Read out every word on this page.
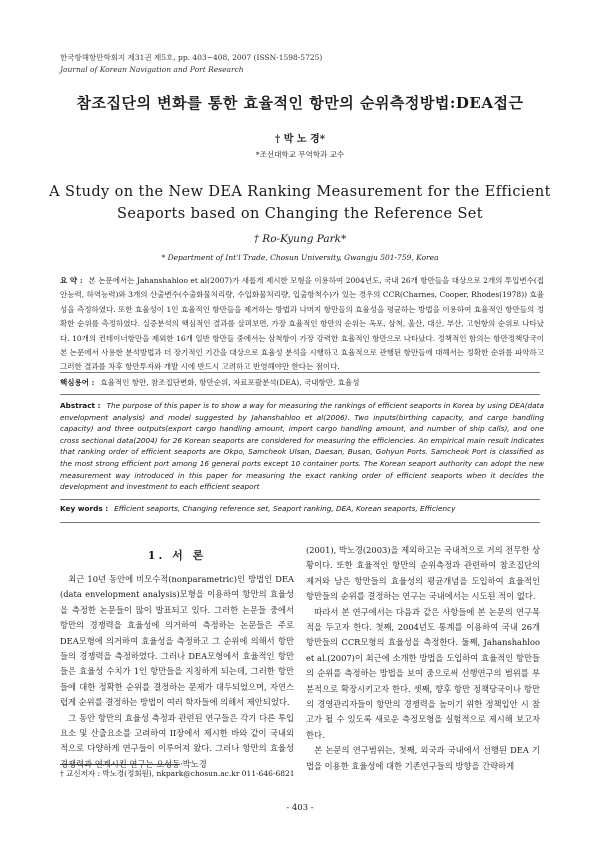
한국항해항만학회지 제31권 제5호, pp. 403~408, 2007 (ISSN-1598-5725)
Journal of Korean Navigation and Port Research
참조집단의 변화를 통한 효율적인 항만의 순위측정방법:DEA접근
† 박 노 경*
*조선대학교 무역학과 교수
A Study on the New DEA Ranking Measurement for the Efficient
Seaports based on Changing the Reference Set
† Ro-Kyung Park*
* Department of Int'l Trade, Chosun University, Gwangju 501-759, Korea
요 약 : 본 논문에서는 Jahanshahloo et al(2007)가 새롭게 제시한 모형을 이용하여 2004년도, 국내 26개 항만들을 대상으로 2개의 투입변수(접안능력, 하역능력)와 3개의 산출변수(수출화물처리량, 수입화물처리량, 입출항척수)가 있는 경우의 CCR(Charnes, Cooper, Rhodes(1978)) 효율성을 측정하였다. 또한 효율성이 1인 효율적인 항만들을 제거하는 방법과 나머지 항만들의 효율성을 평균하는 방법을 이용하여 효율적인 항만들의 정확한 순위를 측정하였다. 실증분석의 핵심적인 결과를 살펴보면, 가장 효율적인 항만의 순위는 옥포, 삼척, 울산, 대산, 부산, 고현항의 순위로 나타났다. 10개의 컨테이너항만을 제외한 16개 일반 항만들 중에서는 삼척항이 가장 강력한 효율적인 항만으로 나타났다. 정책적인 함의는 항만정책당국이 본 논문에서 사용한 분석방법과 더 장기적인 기간을 대상으로 효율성 분석을 시행하고 효율적으로 관행된 항만들에 대해서는 정확한 순위를 파악하고 그러한 결과를 차후 항만투자와 개발 시에 반드시 고려하고 반영해야만 한다는 점이다.
핵심용어 : 효율적인 항만, 참조집단변화, 항만순위, 자료포괄분석(DEA), 국내항만, 효율성
Abstract : The purpose of this paper is to show a way for measuring the rankings of efficient seaports in Korea by using DEA(data envelopment analysis) and model suggested by Jahanshahloo et al(2006). Two inputs(birthing capacity, and cargo handling capacity) and three outputs(export cargo handling amount, import cargo handling amount, and number of ship calls), and one cross sectional data(2004) for 26 Korean seaports are considered for measuring the efficiencies. An empirical main result indicates that ranking order of efficient seaports are Okpo, Samcheok Ulsan, Daesan, Busan, Gohyun Ports. Samcheok Port is classified as the most strong efficient port among 16 general ports except 10 container ports. The Korean seaport authority can adopt the new measurement way introduced in this paper for measuring the exact ranking order of efficient seaports when it decides the development and investment to each efficient seaport
Key words : Efficient seaports, Changing reference set, Seaport ranking, DEA, Korean seaports, Efficiency
1. 서 론

최근 10년 동안에 비모수적(nonparametric)인 방법인 DEA (data envelopment analysis)모형을 이용하여 항만의 효율성을 측정한 논문들이 많이 발표되고 있다. 그러한 논문들 중에서 항만의 경쟁력을 효율성에 의거하여 측정하는 논문들은 주로 DEA모형에 의거하여 효율성을 측정하고 그 순위에 의해서 항만들의 경쟁력을 측정하였다. 그러나 DEA모형에서 효율적인 항만들은 효율성 수치가 1인 항만들을 지칭하게 되는데, 그러한 항만들에 대한 정확한 순위를 결정하는 문제가 대두되었으며, 자연스럽게 순위를 결정하는 방법이 여러 학자들에 의해서 제안되었다.

그 동안 항만의 효율성 측정과 관련된 연구들은 각기 다른 투입요소 및 산출요소를 고려하여 II장에서 제시한 바와 같이 국내외적으로 다양하게 연구들이 이루어져 왔다. 그러나 항만의 효율성 경쟁력과 연계시킨 연구는 오성동·박노경

(2001), 박노경(2003)을 제외하고는 국내적으로 거의 전무한 상황이다. 또한 효율적인 항만의 순위측정과 관련하여 참조집단의 제거와 남은 항만들의 효율성의 평균개념을 도입하여 효율적인 항만들의 순위를 결정하는 연구는 국내에서는 시도된 적이 없다.

따라서 본 연구에서는 다음과 같은 사항들에 본 논문의 연구목적을 두고자 한다. 첫째, 2004년도 통계를 이용하여 국내 26개 항만들의 CCR모형의 효율성을 측정한다. 둘째, Jahanshahloo et al.(2007)이 최근에 소개한 방법을 도입하여 효율적인 항만들의 순위를 측정하는 방법을 보여 줌으로써 선행연구의 범위를 부분적으로 확장시키고자 한다. 셋째, 향후 항만 정책당국이나 항만의 경영관리자들이 항만의 경쟁력을 높이기 위한 정책입안 시 참고가 될 수 있도록 새로운 측정모형을 실험적으로 제시해 보고자 한다.

본 논문의 연구범위는, 첫째, 외국과 국내에서 선행된 DEA 기법을 이용한 효율성에 대한 기존연구들의 방향을 간략하게

† 교신저자 : 박노경(정회원), nkpark@chosun.ac.kr 011-646-6821
- 403 -
